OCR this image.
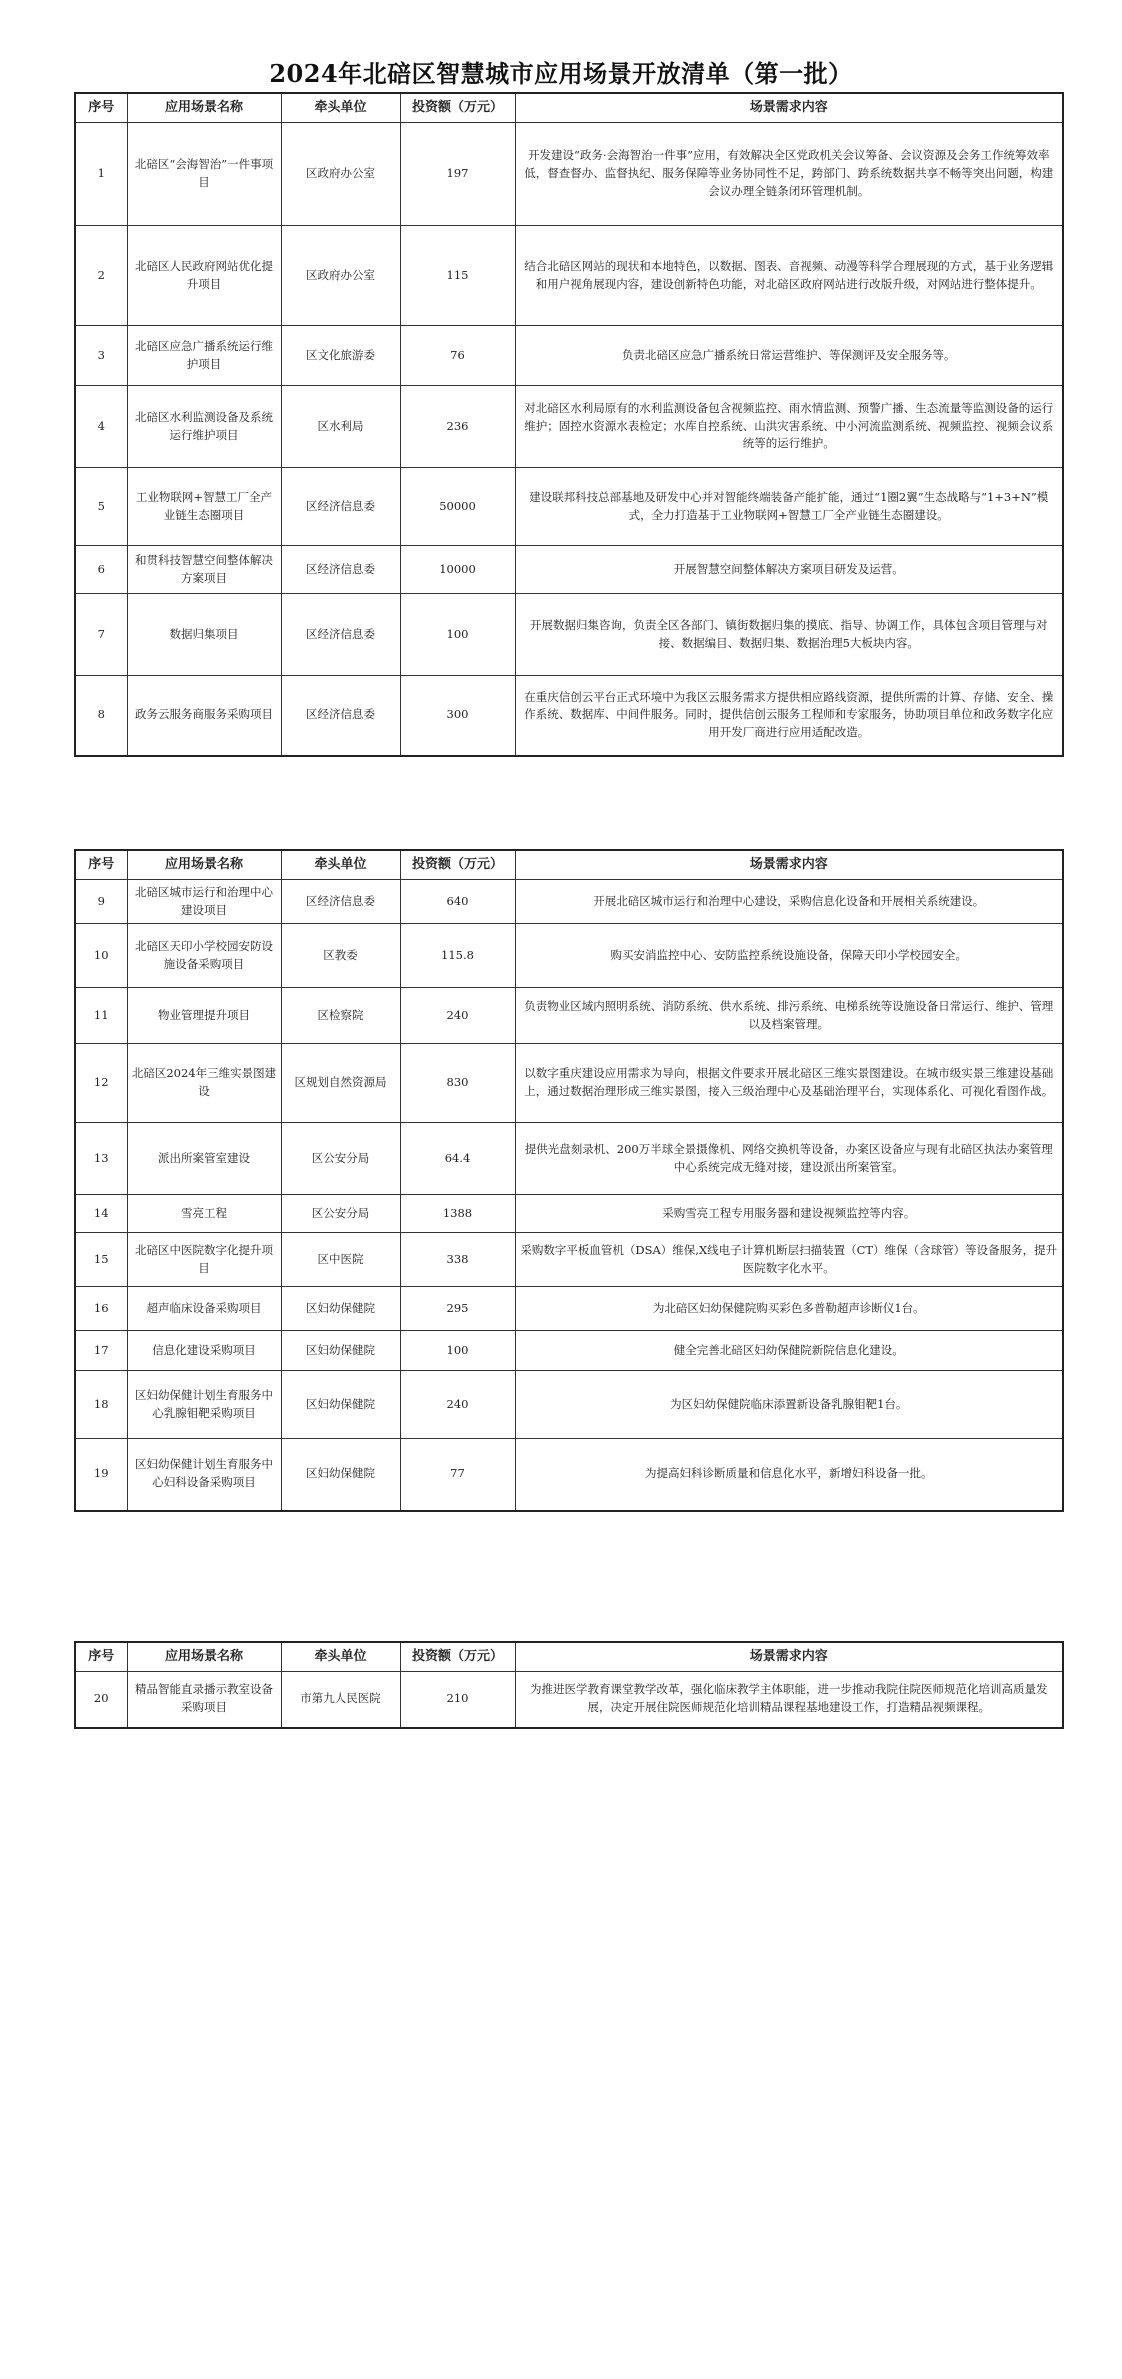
2024年北碚区智慧城市应用场景开放清单（第一批）
序号	应用场景名称	牵头单位	投资额（万元）	场景需求内容
1	北碚区“会海智治”一件事项目	区政府办公室	197	开发建设“政务·会海智治一件事”应用，有效解决全区党政机关会议筹备、会议资源及会务工作统筹效率低，督查督办、监督执纪、服务保障等业务协同性不足，跨部门、跨系统数据共享不畅等突出问题，构建会议办理全链条闭环管理机制。
2	北碚区人民政府网站优化提升项目	区政府办公室	115	结合北碚区网站的现状和本地特色，以数据、图表、音视频、动漫等科学合理展现的方式，基于业务逻辑和用户视角展现内容，建设创新特色功能，对北碚区政府网站进行改版升级，对网站进行整体提升。
3	北碚区应急广播系统运行维护项目	区文化旅游委	76	负责北碚区应急广播系统日常运营维护、等保测评及安全服务等。
4	北碚区水利监测设备及系统运行维护项目	区水利局	236	对北碚区水利局原有的水利监测设备包含视频监控、雨水情监测、预警广播、生态流量等监测设备的运行维护；固控水资源水表检定；水库自控系统、山洪灾害系统、中小河流监测系统、视频监控、视频会议系统等的运行维护。
5	工业物联网+智慧工厂全产业链生态圈项目	区经济信息委	50000	建设联邦科技总部基地及研发中心并对智能终端装备产能扩能，通过“1圈2翼”生态战略与“1+3+N”模式，全力打造基于工业物联网+智慧工厂全产业链生态圈建设。
6	和贯科技智慧空间整体解决方案项目	区经济信息委	10000	开展智慧空间整体解决方案项目研发及运营。
7	数据归集项目	区经济信息委	100	开展数据归集咨询，负责全区各部门、镇街数据归集的摸底、指导、协调工作，具体包含项目管理与对接、数据编目、数据归集、数据治理5大板块内容。
8	政务云服务商服务采购项目	区经济信息委	300	在重庆信创云平台正式环境中为我区云服务需求方提供相应路线资源，提供所需的计算、存储、安全、操作系统、数据库、中间件服务。同时，提供信创云服务工程师和专家服务，协助项目单位和政务数字化应用开发厂商进行应用适配改造。
序号	应用场景名称	牵头单位	投资额（万元）	场景需求内容
9	北碚区城市运行和治理中心建设项目	区经济信息委	640	开展北碚区城市运行和治理中心建设，采购信息化设备和开展相关系统建设。
10	北碚区天印小学校园安防设施设备采购项目	区教委	115.8	购买安消监控中心、安防监控系统设施设备，保障天印小学校园安全。
11	物业管理提升项目	区检察院	240	负责物业区域内照明系统、消防系统、供水系统、排污系统、电梯系统等设施设备日常运行、维护、管理以及档案管理。
12	北碚区2024年三维实景图建设	区规划自然资源局	830	以数字重庆建设应用需求为导向，根据文件要求开展北碚区三维实景图建设。在城市级实景三维建设基础上，通过数据治理形成三维实景图，接入三级治理中心及基础治理平台，实现体系化、可视化看图作战。
13	派出所案管室建设	区公安分局	64.4	提供光盘刻录机、200万半球全景摄像机、网络交换机等设备，办案区设备应与现有北碚区执法办案管理中心系统完成无缝对接，建设派出所案管室。
14	雪亮工程	区公安分局	1388	采购雪亮工程专用服务器和建设视频监控等内容。
15	北碚区中医院数字化提升项目	区中医院	338	采购数字平板血管机（DSA）维保,X线电子计算机断层扫描装置（CT）维保（含球管）等设备服务，提升医院数字化水平。
16	超声临床设备采购项目	区妇幼保健院	295	为北碚区妇幼保健院购买彩色多普勒超声诊断仪1台。
17	信息化建设采购项目	区妇幼保健院	100	健全完善北碚区妇幼保健院新院信息化建设。
18	区妇幼保健计划生育服务中心乳腺钼靶采购项目	区妇幼保健院	240	为区妇幼保健院临床添置新设备乳腺钼靶1台。
19	区妇幼保健计划生育服务中心妇科设备采购项目	区妇幼保健院	77	为提高妇科诊断质量和信息化水平，新增妇科设备一批。
序号	应用场景名称	牵头单位	投资额（万元）	场景需求内容
20	精品智能直录播示教室设备采购项目	市第九人民医院	210	为推进医学教育课堂教学改革，强化临床教学主体职能，进一步推动我院住院医师规范化培训高质量发展，决定开展住院医师规范化培训精品课程基地建设工作，打造精品视频课程。
